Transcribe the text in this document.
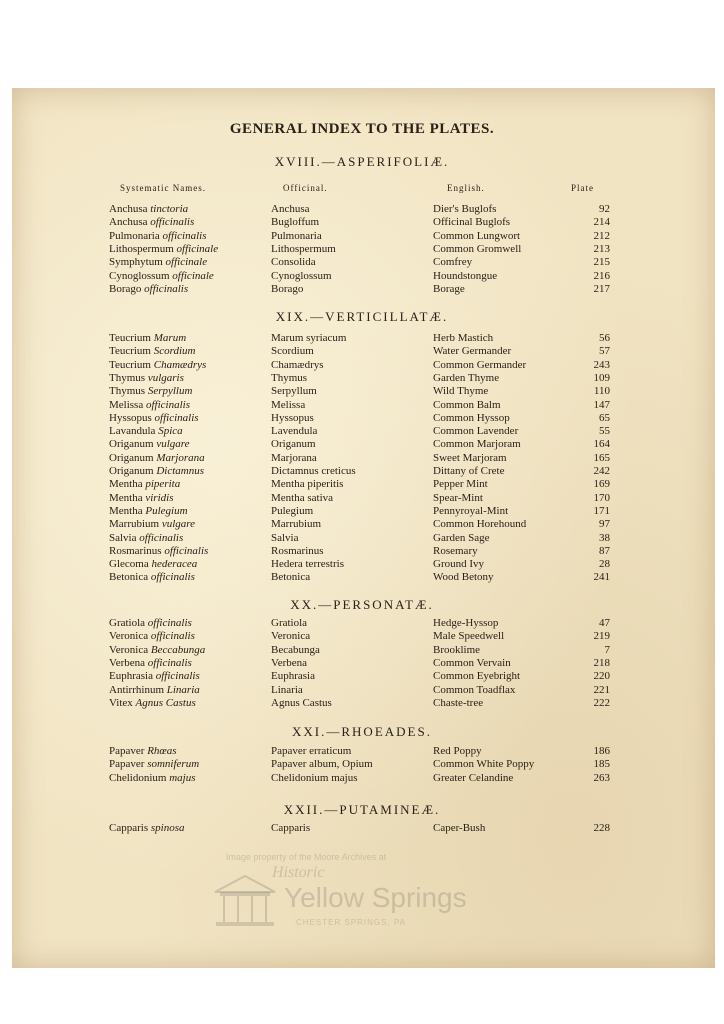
GENERAL INDEX TO THE PLATES.
Systematic Names.	Officinal.	English.	Plate
XVIII.—ASPERIFOLIÆ.
Anchusa tinctoria	Anchusa	Dier's Buglofs	92
Anchusa officinalis	Bugloffum	Officinal Buglofs	214
Pulmonaria officinalis	Pulmonaria	Common Lungwort	212
Lithospermum officinale	Lithospermum	Common Gromwell	213
Symphytum officinale	Consolida	Comfrey	215
Cynoglossum officinale	Cynoglossum	Houndstongue	216
Borago officinalis	Borago	Borage	217
XIX.—VERTICILLATÆ.
Teucrium Marum	Marum syriacum	Herb Mastich	56
Teucrium Scordium	Scordium	Water Germander	57
Teucrium Chamædrys	Chamædrys	Common Germander	243
Thymus vulgaris	Thymus	Garden Thyme	109
Thymus Serpyllum	Serpyllum	Wild Thyme	110
Melissa officinalis	Melissa	Common Balm	147
Hyssopus officinalis	Hyssopus	Common Hyssop	65
Lavandula Spica	Lavendula	Common Lavender	55
Origanum vulgare	Origanum	Common Marjoram	164
Origanum Marjorana	Marjorana	Sweet Marjoram	165
Origanum Dictamnus	Dictamnus creticus	Dittany of Crete	242
Mentha piperita	Mentha piperitis	Pepper Mint	169
Mentha viridis	Mentha sativa	Spear-Mint	170
Mentha Pulegium	Pulegium	Pennyroyal-Mint	171
Marrubium vulgare	Marrubium	Common Horehound	97
Salvia officinalis	Salvia	Garden Sage	38
Rosmarinus officinalis	Rosmarinus	Rosemary	87
Glecoma hederacea	Hedera terrestris	Ground Ivy	28
Betonica officinalis	Betonica	Wood Betony	241
XX.—PERSONATÆ.
Gratiola officinalis	Gratiola	Hedge-Hyssop	47
Veronica officinalis	Veronica	Male Speedwell	219
Veronica Beccabunga	Becabunga	Brooklime	7
Verbena officinalis	Verbena	Common Vervain	218
Euphrasia officinalis	Euphrasia	Common Eyebright	220
Antirrhinum Linaria	Linaria	Common Toadflax	221
Vitex Agnus Castus	Agnus Castus	Chaste-tree	222
XXI.—RHOEADES.
Papaver Rhœas	Papaver erraticum	Red Poppy	186
Papaver somniferum	Papaver album, Opium	Common White Poppy	185
Chelidonium majus	Chelidonium majus	Greater Celandine	263
XXII.—PUTAMINEÆ.
Capparis spinosa	Capparis	Caper-Bush	228
Image property of the Moore Archives at
Historic
Yellow Springs
CHESTER SPRINGS, PA
